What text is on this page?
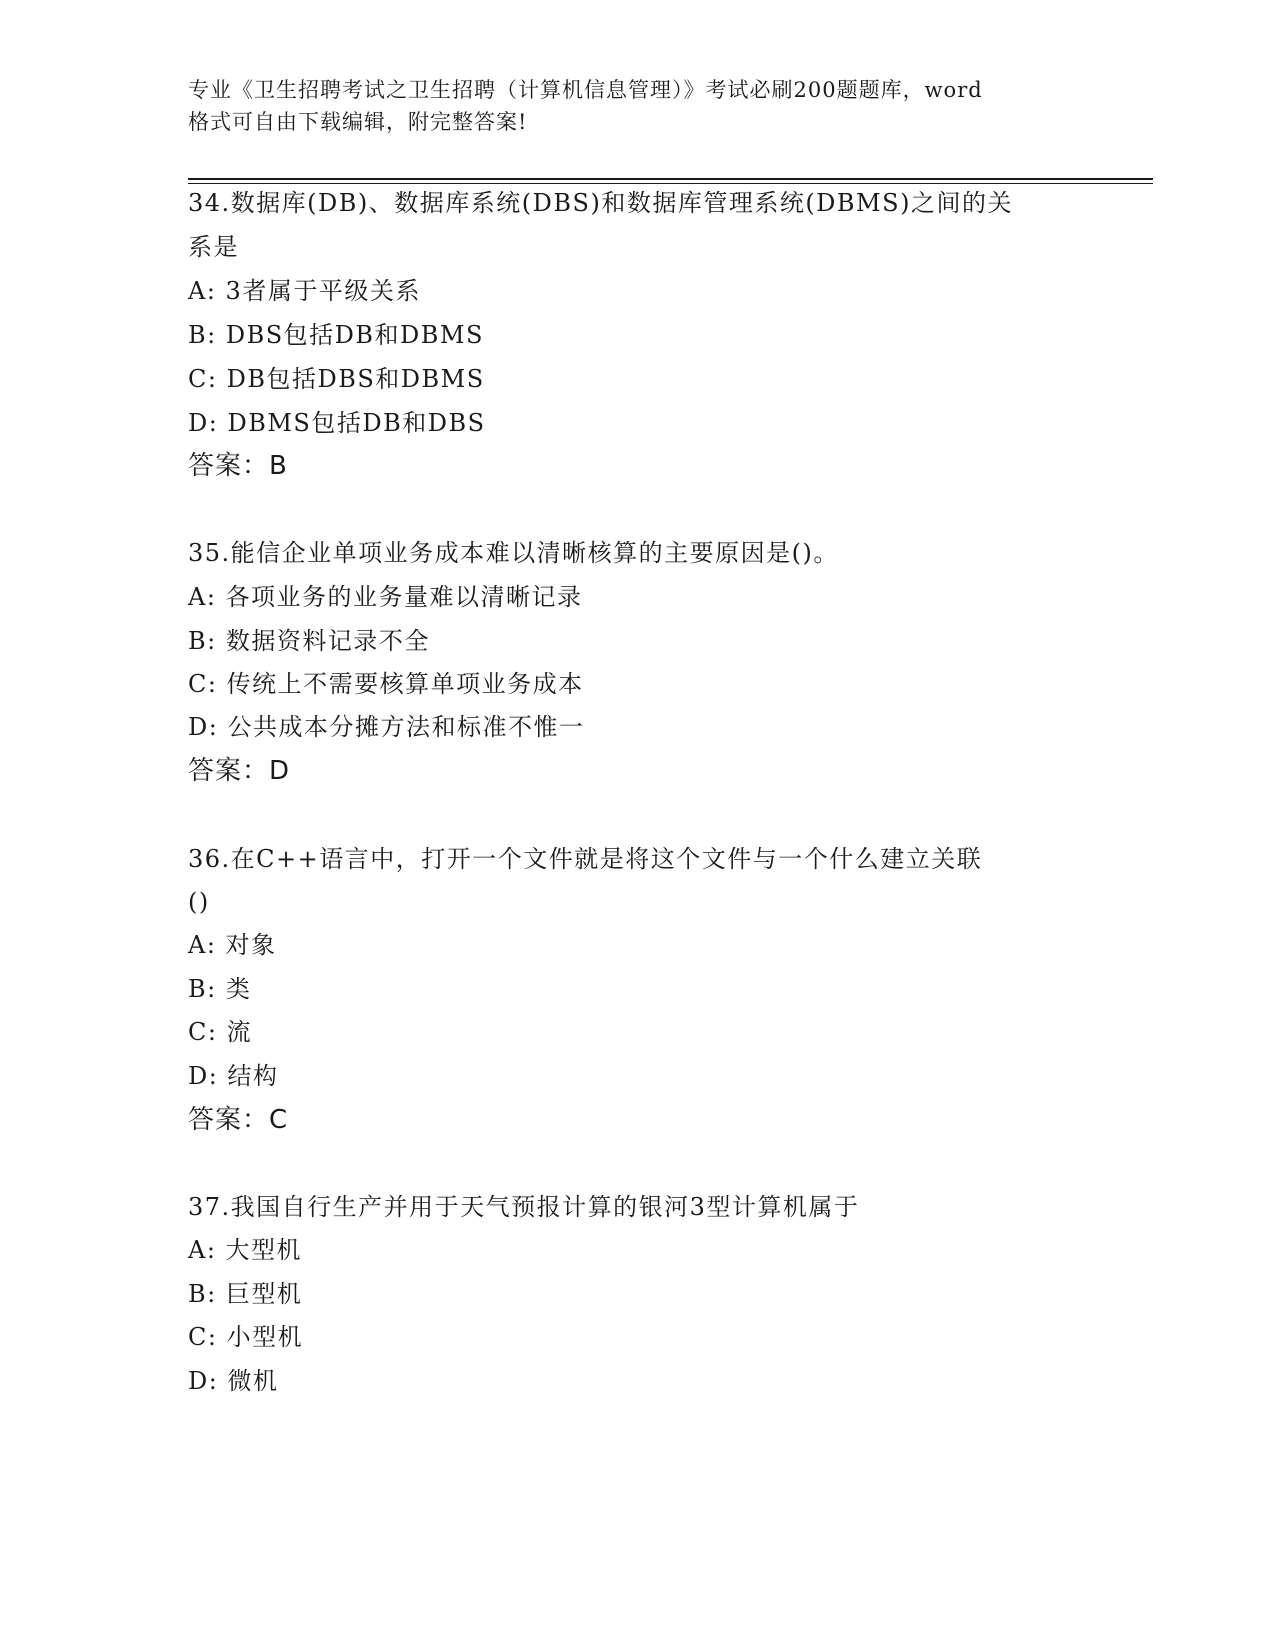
专业《卫生招聘考试之卫生招聘（计算机信息管理）》考试必刷200题题库，word
格式可自由下载编辑，附完整答案!
34.数据库(DB)、数据库系统(DBS)和数据库管理系统(DBMS)之间的关
系是
A: 3者属于平级关系
B: DBS包括DB和DBMS
C: DB包括DBS和DBMS
D: DBMS包括DB和DBS
答案：B
35.能信企业单项业务成本难以清晰核算的主要原因是()。
A: 各项业务的业务量难以清晰记录
B: 数据资料记录不全
C: 传统上不需要核算单项业务成本
D: 公共成本分摊方法和标准不惟一
答案：D
36.在C++语言中，打开一个文件就是将这个文件与一个什么建立关联
()
A: 对象
B: 类
C: 流
D: 结构
答案：C
37.我国自行生产并用于天气预报计算的银河3型计算机属于
A: 大型机
B: 巨型机
C: 小型机
D: 微机
